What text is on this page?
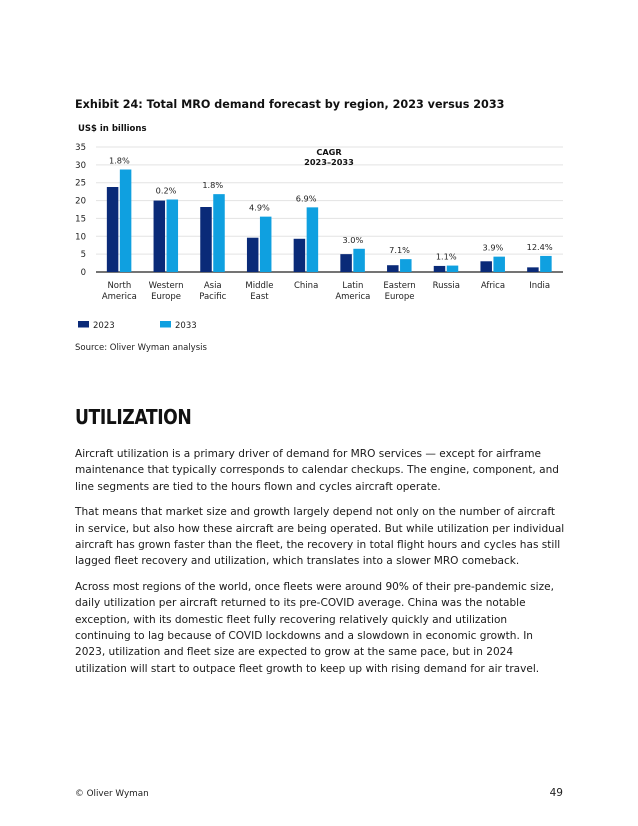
Exhibit 24: Total MRO demand forecast by region, 2023 versus 2033
US$ in billions
0
5
10
15
20
25
30
35	CAGR
2023–2033
1.8%
North
America
0.2%
Western
Europe
1.8%
Asia
Pacific
4.9%
Middle
East
6.9%
China
3.0%
Latin
America
7.1%
Eastern
Europe
1.1%
Russia
3.9%
Africa
12.4%
India
2023	2033
Source: Oliver Wyman analysis
UTILIZATION

Aircraft utilization is a primary driver of demand for MRO services — except for airframe maintenance that typically corresponds to calendar checkups. The engine, component, and line segments are tied to the hours flown and cycles aircraft operate.

That means that market size and growth largely depend not only on the number of aircraft in service, but also how these aircraft are being operated. But while utilization per individual aircraft has grown faster than the fleet, the recovery in total flight hours and cycles has still lagged fleet recovery and utilization, which translates into a slower MRO comeback.

Across most regions of the world, once fleets were around 90% of their pre-pandemic size, daily utilization per aircraft returned to its pre-COVID average. China was the notable exception, with its domestic fleet fully recovering relatively quickly and utilization continuing to lag because of COVID lockdowns and a slowdown in economic growth. In 2023, utilization and fleet size are expected to grow at the same pace, but in 2024 utilization will start to outpace fleet growth to keep up with rising demand for air travel.

© Oliver Wyman	49
